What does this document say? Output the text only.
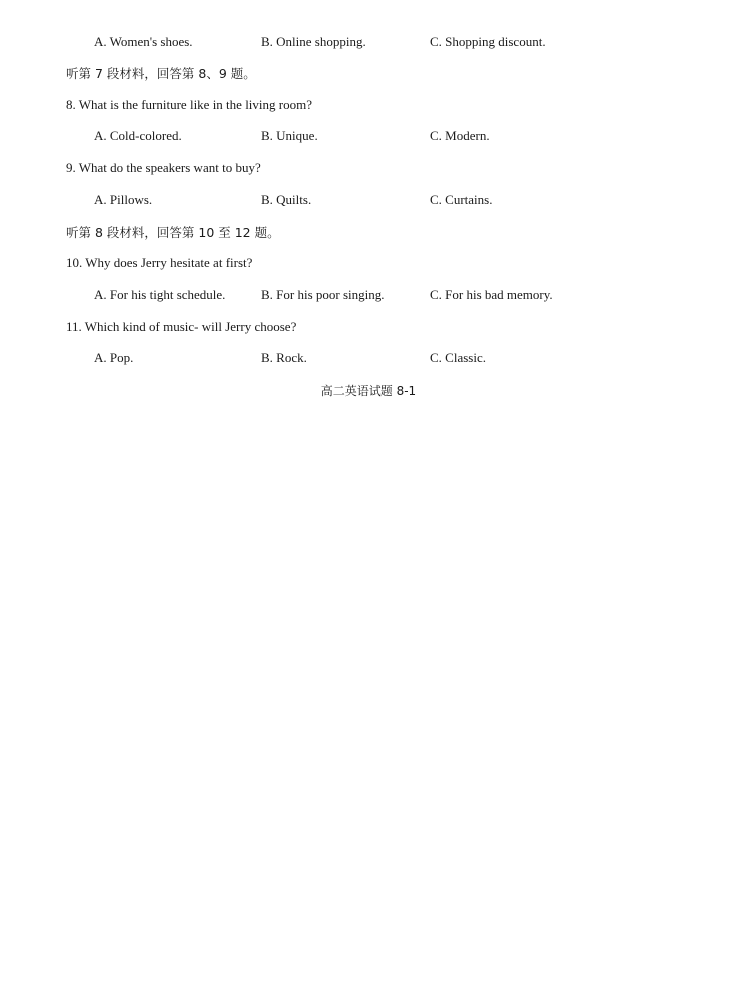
A. Women's shoes.	B. Online shopping.	C. Shopping discount.
听第 7 段材料，回答第 8、9 题。
8. What is the furniture like in the living room?
A. Cold-colored.	B. Unique.	C. Modern.
9. What do the speakers want to buy?
A. Pillows.	B. Quilts.	C. Curtains.
听第 8 段材料，回答第 10 至 12 题。
10. Why does Jerry hesitate at first?
A. For his tight schedule.	B. For his poor singing.	C. For his bad memory.
11. Which kind of music- will Jerry choose?
A. Pop.	B. Rock.	C. Classic.
高二英语试题 8-1
